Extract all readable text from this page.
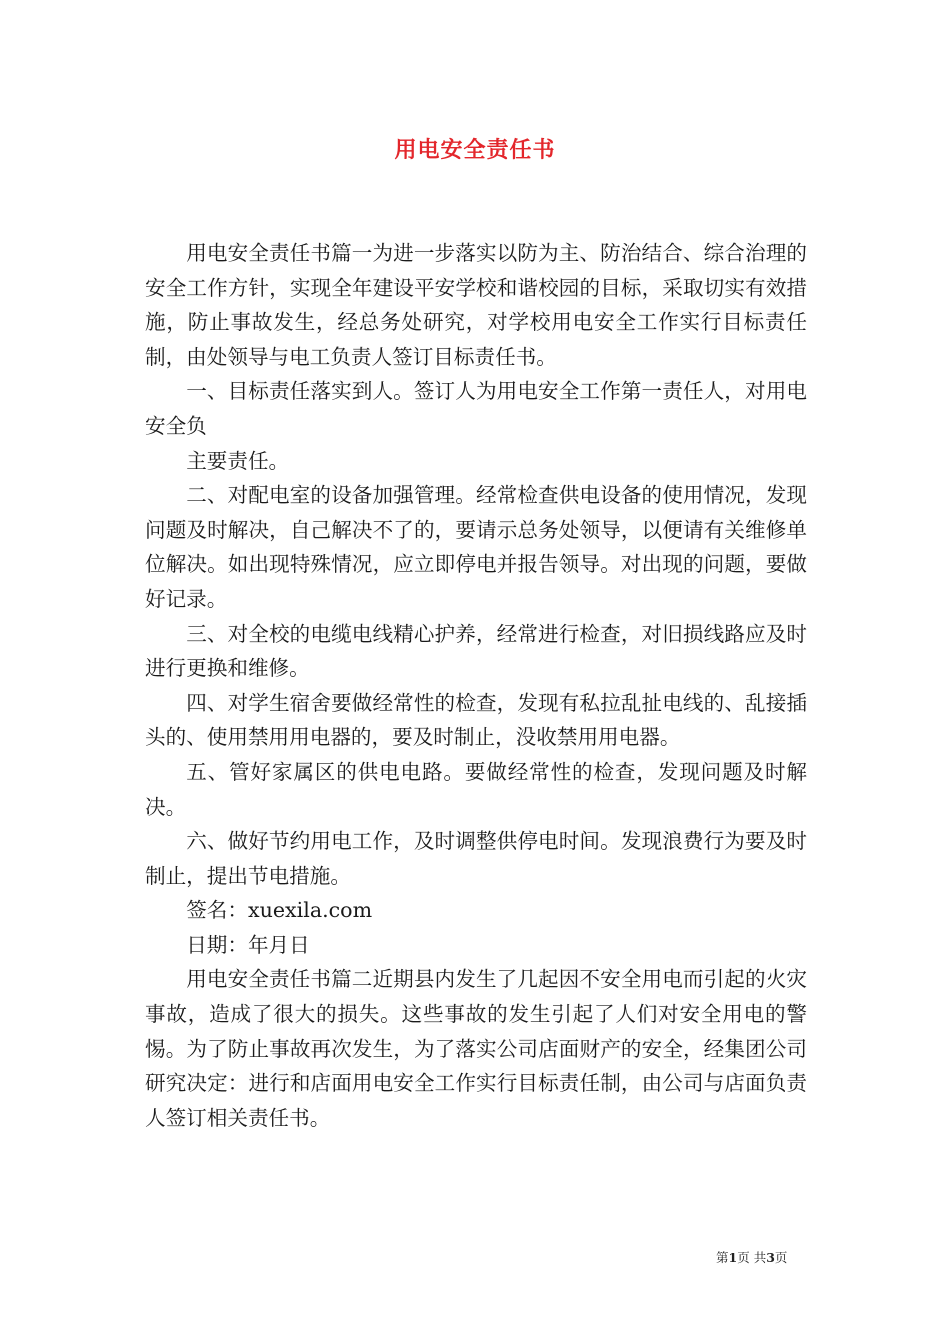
用电安全责任书

用电安全责任书篇一为进一步落实以防为主、防治结合、综合治理的安全工作方针，实现全年建设平安学校和谐校园的目标，采取切实有效措施，防止事故发生，经总务处研究，对学校用电安全工作实行目标责任制，由处领导与电工负责人签订目标责任书。

一、目标责任落实到人。签订人为用电安全工作第一责任人，对用电安全负

主要责任。

二、对配电室的设备加强管理。经常检查供电设备的使用情况，发现问题及时解决，自己解决不了的，要请示总务处领导，以便请有关维修单位解决。如出现特殊情况，应立即停电并报告领导。对出现的问题，要做好记录。

三、对全校的电缆电线精心护养，经常进行检查，对旧损线路应及时进行更换和维修。

四、对学生宿舍要做经常性的检查，发现有私拉乱扯电线的、乱接插头的、使用禁用用电器的，要及时制止，没收禁用用电器。

五、管好家属区的供电电路。要做经常性的检查，发现问题及时解决。

六、做好节约用电工作，及时调整供停电时间。发现浪费行为要及时制止，提出节电措施。

签名：xuexila.com

日期：年月日

用电安全责任书篇二近期县内发生了几起因不安全用电而引起的火灾事故，造成了很大的损失。这些事故的发生引起了人们对安全用电的警惕。为了防止事故再次发生，为了落实公司店面财产的安全，经集团公司研究决定：进行和店面用电安全工作实行目标责任制，由公司与店面负责人签订相关责任书。

第1页 共3页
